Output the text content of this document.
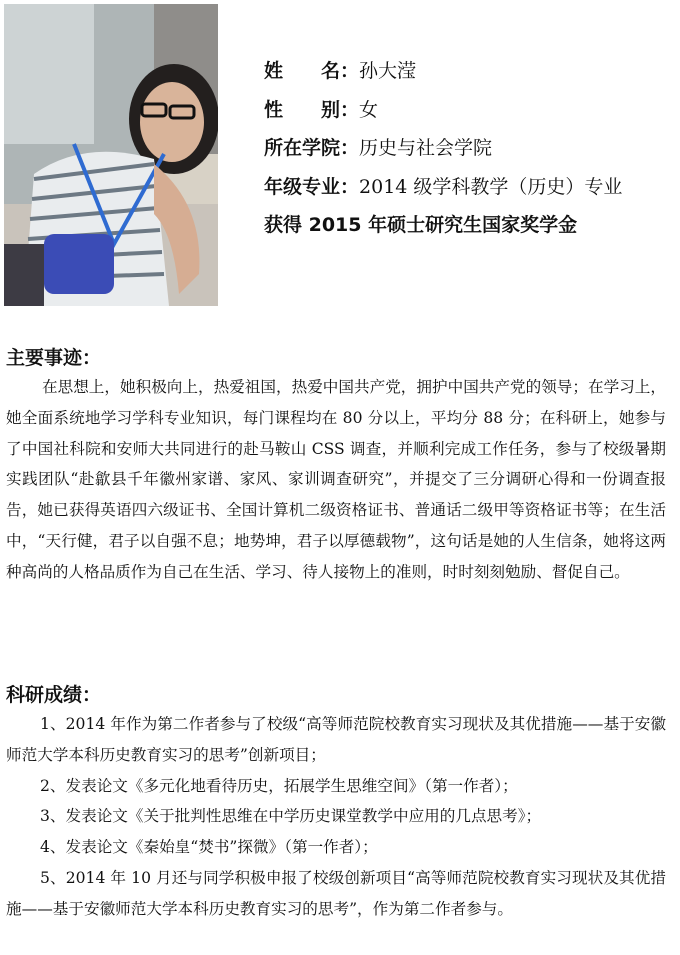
姓　　名：孙大滢
性　　别：女
所在学院：历史与社会学院
年级专业：2014 级学科教学（历史）专业
获得 2015 年硕士研究生国家奖学金
主要事迹：
在思想上，她积极向上，热爱祖国，热爱中国共产党，拥护中国共产党的领导；在学习上，她全面系统地学习学科专业知识，每门课程均在 80 分以上，平均分 88 分；在科研上，她参与了中国社科院和安师大共同进行的赴马鞍山 CSS 调查，并顺利完成工作任务，参与了校级暑期实践团队“赴歙县千年徽州家谱、家风、家训调查研究”，并提交了三分调研心得和一份调查报告，她已获得英语四六级证书、全国计算机二级资格证书、普通话二级甲等资格证书等；在生活中，“天行健，君子以自强不息；地势坤，君子以厚德载物”，这句话是她的人生信条，她将这两种高尚的人格品质作为自己在生活、学习、待人接物上的准则，时时刻刻勉励、督促自己。
科研成绩：
1、2014 年作为第二作者参与了校级“高等师范院校教育实习现状及其优措施——基于安徽师范大学本科历史教育实习的思考”创新项目；
2、发表论文《多元化地看待历史，拓展学生思维空间》（第一作者）；
3、发表论文《关于批判性思维在中学历史课堂教学中应用的几点思考》；
4、发表论文《秦始皇“焚书”探微》（第一作者）；
5、2014 年 10 月还与同学积极申报了校级创新项目“高等师范院校教育实习现状及其优措施——基于安徽师范大学本科历史教育实习的思考”，作为第二作者参与。
